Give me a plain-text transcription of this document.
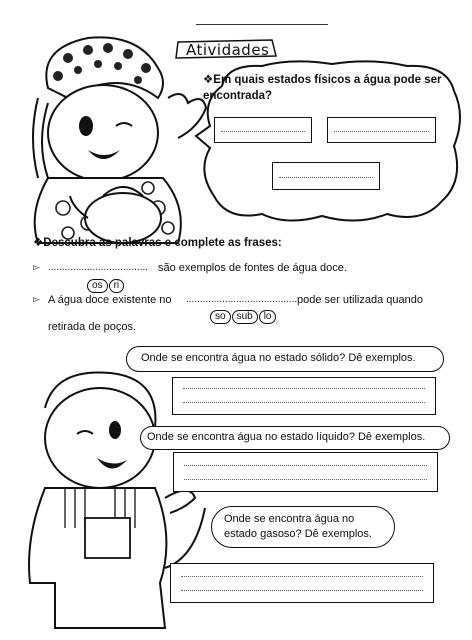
Atividades
❖Em quais estados físicos a água pode ser encontrada?
❖Descubra as palavras e complete as frases:
▻ .................................... são exemplos de fontes de água doce.
os ri
▻ A água doce existente no .........................................
pode ser utilizada quando
so sub lo
retirada de poços.
Onde se encontra água no estado sólido? Dê exemplos.
Onde se encontra água no estado líquido? Dê exemplos.
Onde se encontra água no estado gasoso? Dê exemplos.
